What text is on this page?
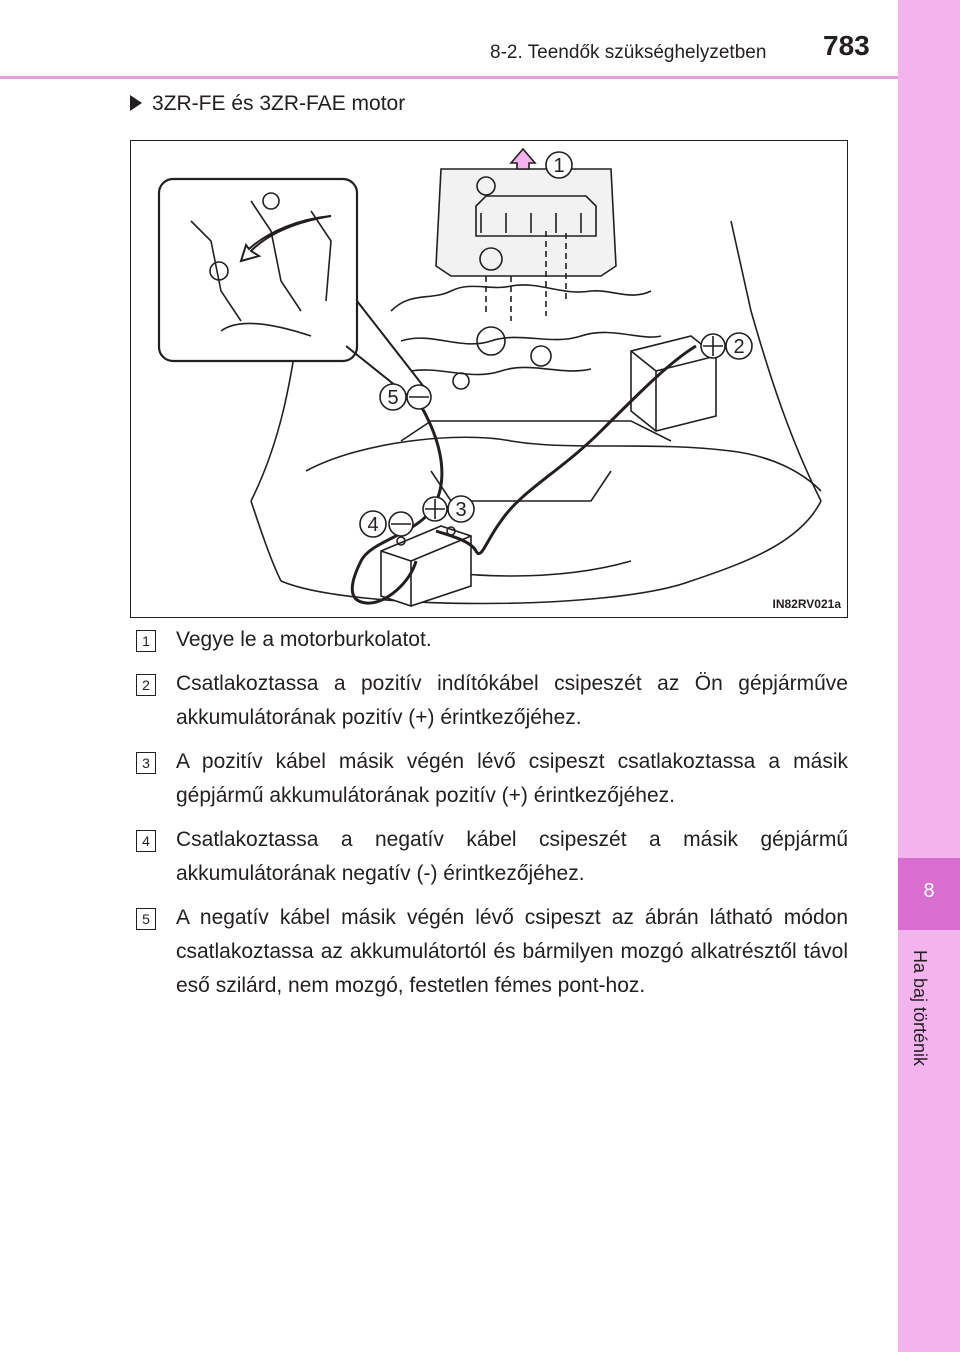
8-2. Teendők szükséghelyzetben 783
8
Ha baj történik
3ZR-FE és 3ZR-FAE motor
1
2
3
4
5
IN82RV021a
1 Vegye le a motorburkolatot.
2 Csatlakoztassa a pozitív indítókábel csipeszét az Ön gépjárműve akkumulátorának pozitív (+) érintkezőjéhez.
3 A pozitív kábel másik végén lévő csipeszt csatlakoztassa a másik gépjármű akkumulátorának pozitív (+) érintkezőjéhez.
4 Csatlakoztassa a negatív kábel csipeszét a másik gépjármű akkumulátorának negatív (-) érintkezőjéhez.
5 A negatív kábel másik végén lévő csipeszt az ábrán látható módon csatlakoztassa az akkumulátortól és bármilyen mozgó alkatrésztől távol eső szilárd, nem mozgó, festetlen fémes pont-hoz.
